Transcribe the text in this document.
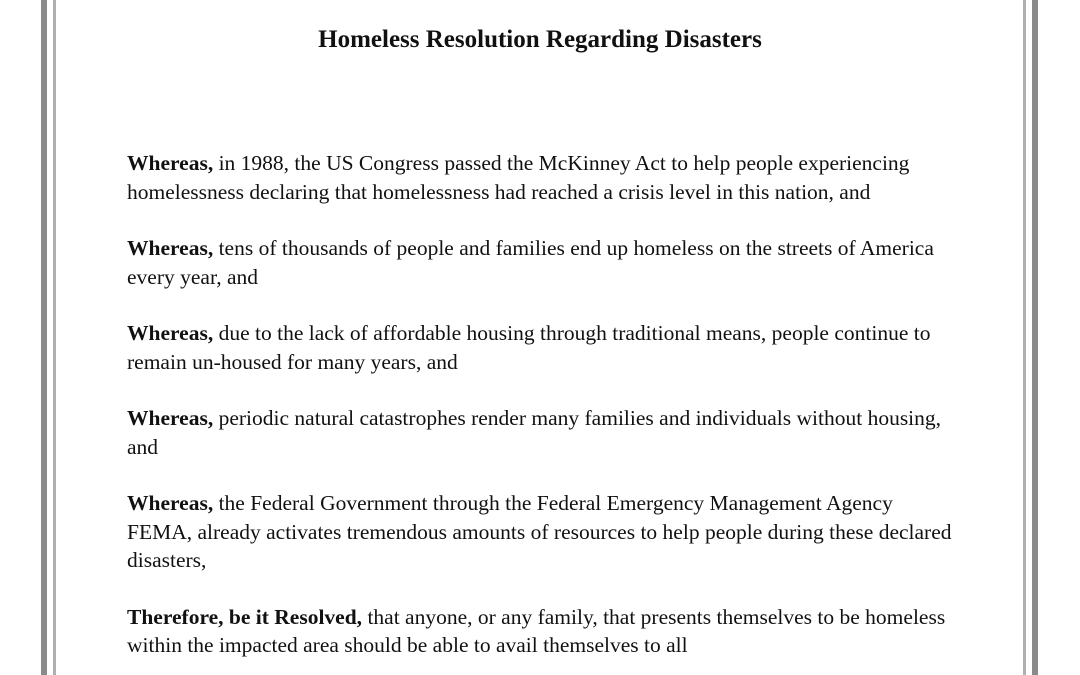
Homeless Resolution Regarding Disasters

Whereas, in 1988, the US Congress passed the McKinney Act to help people experiencing homelessness declaring that homelessness had reached a crisis level in this nation, and

Whereas, tens of thousands of people and families end up homeless on the streets of America every year, and

Whereas, due to the lack of affordable housing through traditional means, people continue to remain un-housed for many years, and

Whereas, periodic natural catastrophes render many families and individuals without housing, and

Whereas, the Federal Government through the Federal Emergency Management Agency FEMA, already activates tremendous amounts of resources to help people during these declared disasters,

Therefore, be it Resolved, that anyone, or any family, that presents themselves to be homeless within the impacted area should be able to avail themselves to all
